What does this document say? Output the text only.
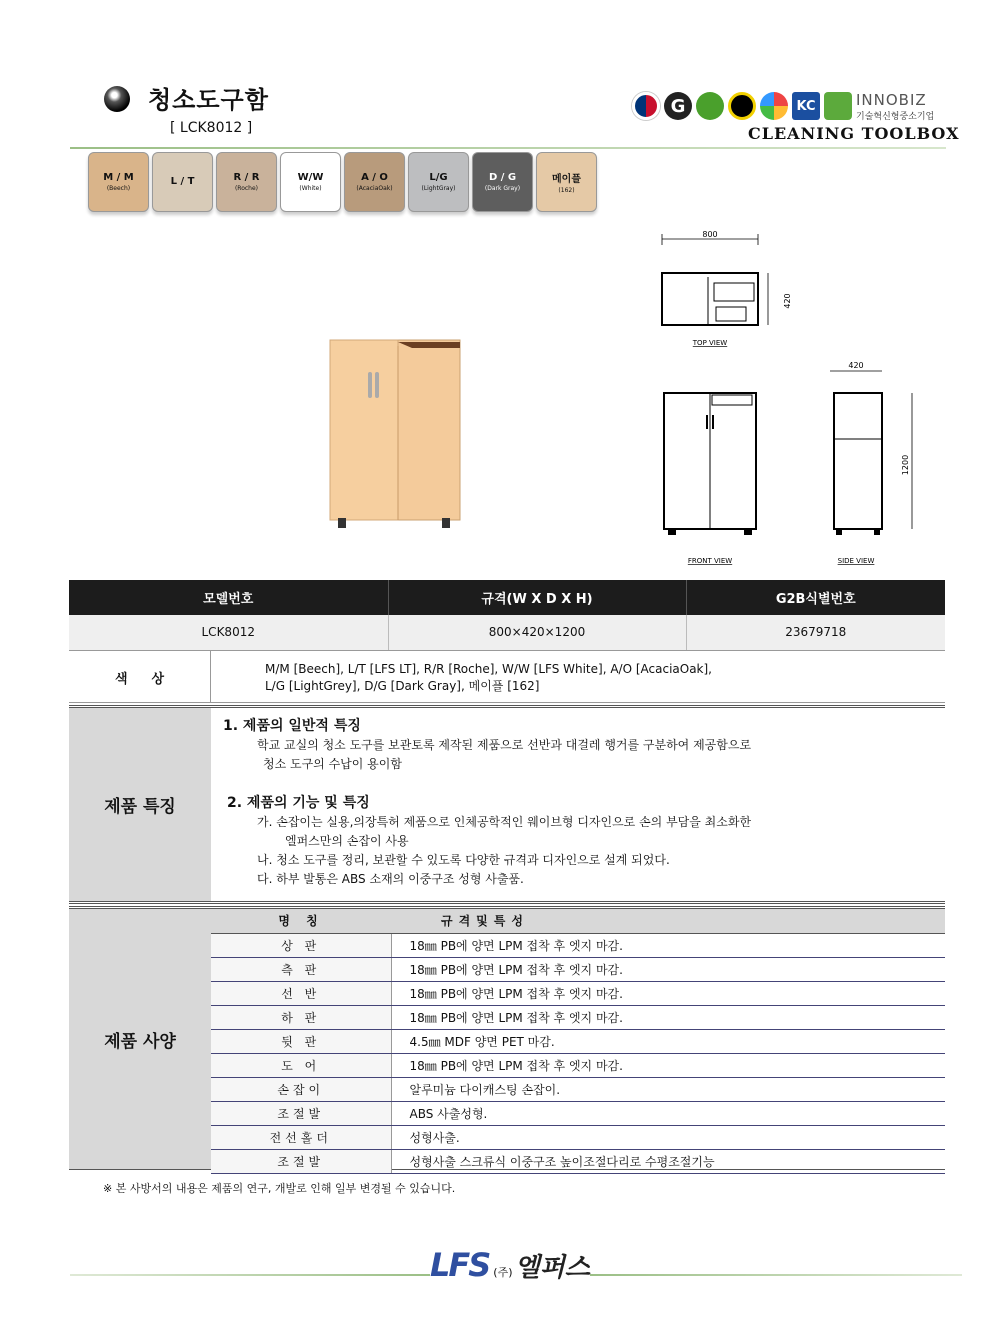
청소도구함
[ LCK8012 ]
G	KC	INNOBIZ
기술혁신형중소기업
CLEANING TOOLBOX
M / M
(Beech)
L / T	R / R
(Roche)
W/W
(White)
A / O
(AcaciaOak)
L/G
(LightGray)
D / G
(Dark Gray)
메이플
(162)
800
420
TOP VIEW
FRONT VIEW
420
1200
SIDE VIEW
모델번호	규격(W X D X H)	G2B식별번호
LCK8012	800×420×1200	23679718
색상
M/M [Beech], L/T [LFS LT], R/R [Roche], W/W [LFS White], A/O [AcaciaOak],
L/G [LightGrey], D/G [Dark Gray], 메이플 [162]
제품 특징
1. 제품의 일반적 특징
학교 교실의 청소 도구를 보관토록 제작된 제품으로 선반과 대걸레 행거를 구분하여 제공함으로
청소 도구의 수납이 용이함
2. 제품의 기능 및 특징
가. 손잡이는 실용,의장특허 제품으로 인체공학적인 웨이브형 디자인으로 손의 부담을 최소화한
엘퍼스만의 손잡이 사용
나. 청소 도구를 정리, 보관할 수 있도록 다양한 규격과 디자인으로 설계 되었다.
다. 하부 발통은 ABS 소재의 이중구조 성형 사출품.
제품 사양
명 칭	규격및특성
상 판	18㎜ PB에 양면 LPM 접착 후 엣지 마감.
측 판	18㎜ PB에 양면 LPM 접착 후 엣지 마감.
선 반	18㎜ PB에 양면 LPM 접착 후 엣지 마감.
하 판	18㎜ PB에 양면 LPM 접착 후 엣지 마감.
뒷 판	4.5㎜ MDF 양면 PET 마감.
도 어	18㎜ PB에 양면 LPM 접착 후 엣지 마감.
손잡이	알루미늄 다이캐스팅 손잡이.
조절발	ABS 사출성형.
전선홀더	성형사출.
조절발	성형사출 스크류식 이중구조 높이조절다리로 수평조절기능
※ 본 사방서의 내용은 제품의 연구, 개발로 인해 일부 변경될 수 있습니다.
LFS (주) 엘퍼스
